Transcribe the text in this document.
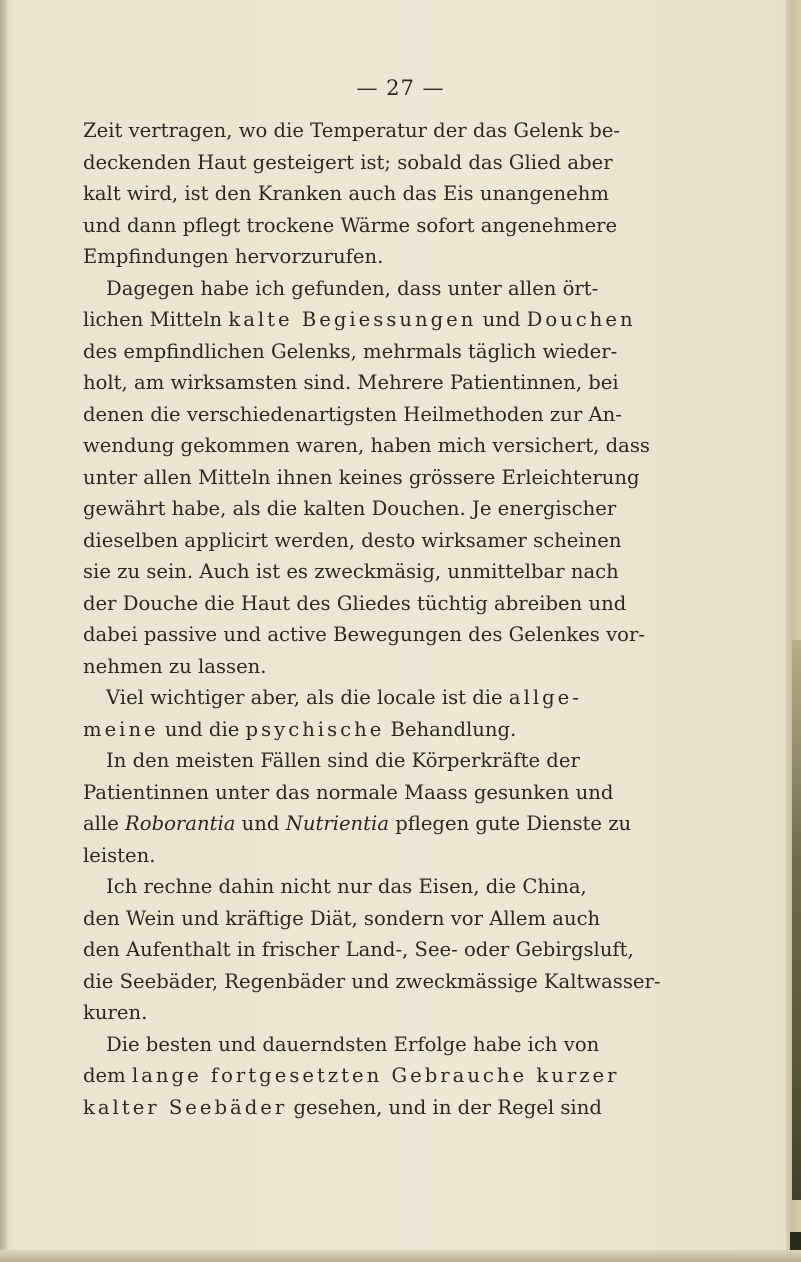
— 27 —
Zeit vertragen, wo die Temperatur der das Gelenk be-
deckenden Haut gesteigert ist; sobald das Glied aber
kalt wird, ist den Kranken auch das Eis unangenehm
und dann pflegt trockene Wärme sofort angenehmere
Empfindungen hervorzurufen.
Dagegen habe ich gefunden, dass unter allen ört-
lichen Mitteln kalte Begiessungen und Douchen
des empfindlichen Gelenks, mehrmals täglich wieder-
holt, am wirksamsten sind. Mehrere Patientinnen, bei
denen die verschiedenartigsten Heilmethoden zur An-
wendung gekommen waren, haben mich versichert, dass
unter allen Mitteln ihnen keines grössere Erleichterung
gewährt habe, als die kalten Douchen. Je energischer
dieselben applicirt werden, desto wirksamer scheinen
sie zu sein. Auch ist es zweckmäsig, unmittelbar nach
der Douche die Haut des Gliedes tüchtig abreiben und
dabei passive und active Bewegungen des Gelenkes vor-
nehmen zu lassen.
Viel wichtiger aber, als die locale ist die allge-
meine und die psychische Behandlung.
In den meisten Fällen sind die Körperkräfte der
Patientinnen unter das normale Maass gesunken und
alle Roborantia und Nutrientia pflegen gute Dienste zu
leisten.
Ich rechne dahin nicht nur das Eisen, die China,
den Wein und kräftige Diät, sondern vor Allem auch
den Aufenthalt in frischer Land-, See- oder Gebirgsluft,
die Seebäder, Regenbäder und zweckmässige Kaltwasser-
kuren.
Die besten und dauerndsten Erfolge habe ich von
dem lange fortgesetzten Gebrauche kurzer
kalter Seebäder gesehen, und in der Regel sind
